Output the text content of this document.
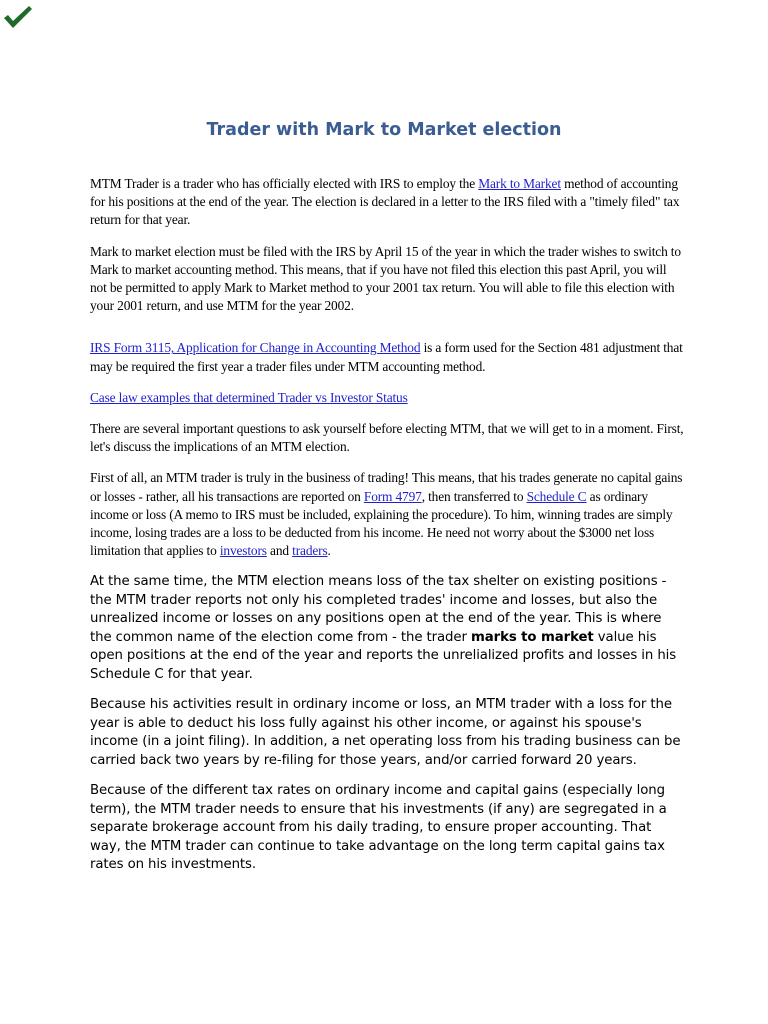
Trader with Mark to Market election

MTM Trader is a trader who has officially elected with IRS to employ the Mark to Market method of accounting for his positions at the end of the year. The election is declared in a letter to the IRS filed with a "timely filed" tax return for that year.

Mark to market election must be filed with the IRS by April 15 of the year in which the trader wishes to switch to Mark to market accounting method. This means, that if you have not filed this election this past April, you will not be permitted to apply Mark to Market method to your 2001 tax return. You will able to file this election with your 2001 return, and use MTM for the year 2002.

IRS Form 3115, Application for Change in Accounting Method is a form used for the Section 481 adjustment that may be required the first year a trader files under MTM accounting method.

Case law examples that determined Trader vs Investor Status

There are several important questions to ask yourself before electing MTM, that we will get to in a moment. First, let's discuss the implications of an MTM election.

First of all, an MTM trader is truly in the business of trading! This means, that his trades generate no capital gains or losses - rather, all his transactions are reported on Form 4797, then transferred to Schedule C as ordinary income or loss (A memo to IRS must be included, explaining the procedure). To him, winning trades are simply income, losing trades are a loss to be deducted from his income. He need not worry about the $3000 net loss limitation that applies to investors and traders.

At the same time, the MTM election means loss of the tax shelter on existing positions - the MTM trader reports not only his completed trades' income and losses, but also the unrealized income or losses on any positions open at the end of the year. This is where the common name of the election come from - the trader marks to market value his open positions at the end of the year and reports the unrelialized profits and losses in his Schedule C for that year.

Because his activities result in ordinary income or loss, an MTM trader with a loss for the year is able to deduct his loss fully against his other income, or against his spouse's income (in a joint filing). In addition, a net operating loss from his trading business can be carried back two years by re-filing for those years, and/or carried forward 20 years.

Because of the different tax rates on ordinary income and capital gains (especially long term), the MTM trader needs to ensure that his investments (if any) are segregated in a separate brokerage account from his daily trading, to ensure proper accounting. That way, the MTM trader can continue to take advantage on the long term capital gains tax rates on his investments.
